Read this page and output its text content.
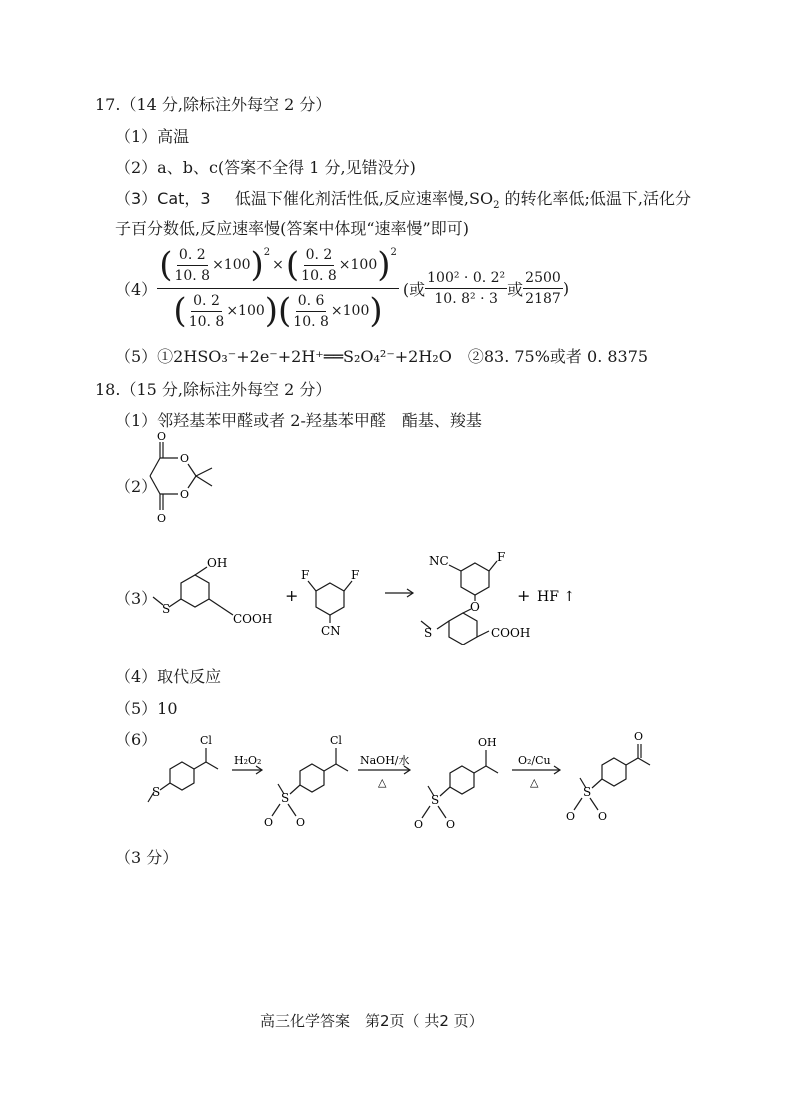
17.（14 分,除标注外每空 2 分）
（1）高温
（2）a、b、c(答案不全得 1 分,见错没分)
（3）Cat，3 低温下催化剂活性低,反应速率慢$,SO_2$ 的转化率低;低温下,活化分
子百分数低,反应速率慢(答案中体现“速率慢”即可)
（4）
( $\frac{0. 2}{10. 8} \times 100$ )$^2$
× ( $\frac{0. 2}{10. 8} \times 100$ )$^2$
( $\frac{0. 2}{10. 8} \times 100$ ) ( $\frac{0. 6}{10. 8} \times 100$ )
(或 $\frac{\text{100² · 0. 2²}}{\text{10. 8² · 3}}$ 或 $\frac{2500}{2187}$ )
（5）①2HSO₃⁻+2e⁻+2H⁺══S₂O₄²⁻+2H₂O　②83. 75%或者 0. 8375
18.（15 分,除标注外每空 2 分）
（1）邻羟基苯甲醛或者 2-羟基苯甲醛　酯基、羧基
（2）
O
O
O
O
（3）
OH
S
COOH
+
F	F
CN
NC	F
O
S	COOH
+ HF ↑
（4）取代反应
（5）10
（6）	Cl
S
H₂O₂
Cl
S
O O
NaOH/水
△
OH
S
O O
O₂/Cu
△
O
S
O O
（3 分）
高三化学答案　第2页（ 共2 页）
